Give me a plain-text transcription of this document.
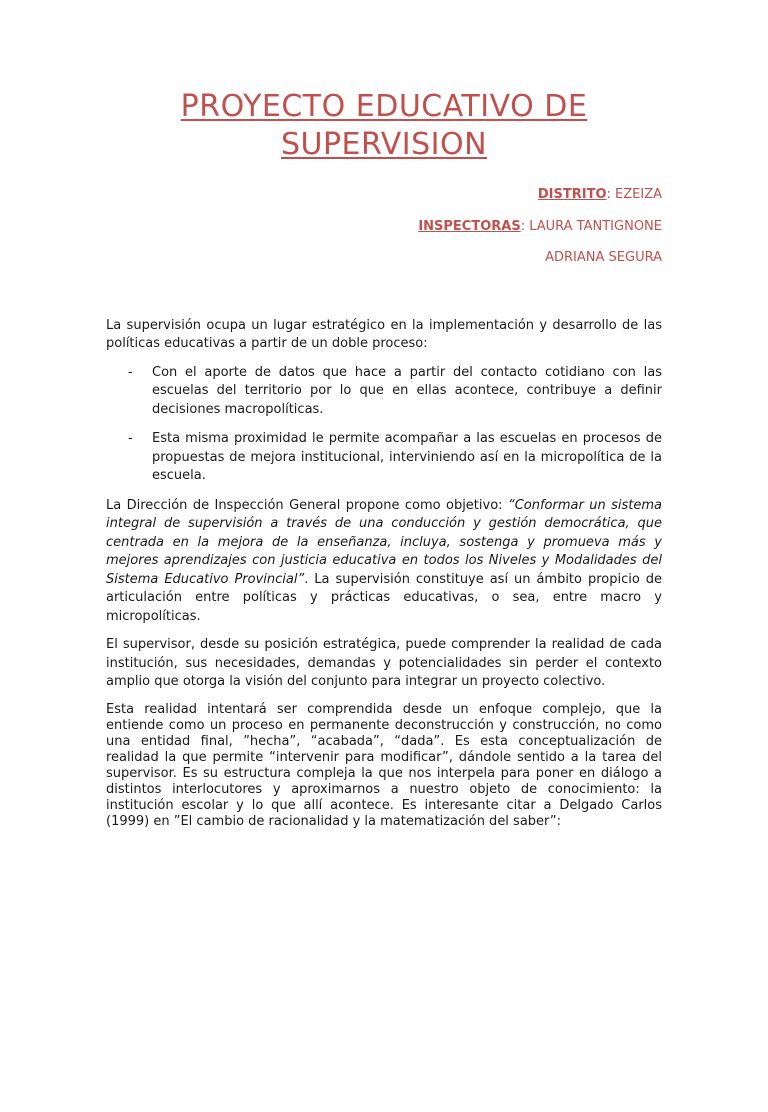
PROYECTO EDUCATIVO DE
SUPERVISION
DISTRITO: EZEIZA
INSPECTORAS: LAURA TANTIGNONE
ADRIANA SEGURA

La supervisión ocupa un lugar estratégico en la implementación y desarrollo de las políticas educativas a partir de un doble proceso:

- Con el aporte de datos que hace a partir del contacto cotidiano con las escuelas del territorio por lo que en ellas acontece, contribuye a definir decisiones macropolíticas.
- Esta misma proximidad le permite acompañar a las escuelas en procesos de propuestas de mejora institucional, interviniendo así en la micropolítica de la escuela.

La Dirección de Inspección General propone como objetivo: “Conformar un sistema integral de supervisión a través de una conducción y gestión democrática, que centrada en la mejora de la enseñanza, incluya, sostenga y promueva más y mejores aprendizajes con justicia educativa en todos los Niveles y Modalidades del Sistema Educativo Provincial”. La supervisión constituye así un ámbito propicio de articulación entre políticas y prácticas educativas, o sea, entre macro y micropolíticas.

El supervisor, desde su posición estratégica, puede comprender la realidad de cada institución, sus necesidades, demandas y potencialidades sin perder el contexto amplio que otorga la visión del conjunto para integrar un proyecto colectivo.

Esta realidad intentará ser comprendida desde un enfoque complejo, que la entiende como un proceso en permanente deconstrucción y construcción, no como una entidad final, ”hecha”, “acabada”, “dada”. Es esta conceptualización de realidad la que permite “intervenir para modificar”, dándole sentido a la tarea del supervisor. Es su estructura compleja la que nos interpela para poner en diálogo a distintos interlocutores y aproximarnos a nuestro objeto de conocimiento: la institución escolar y lo que allí acontece. Es interesante citar a Delgado Carlos (1999) en ”El cambio de racionalidad y la matematización del saber”:
